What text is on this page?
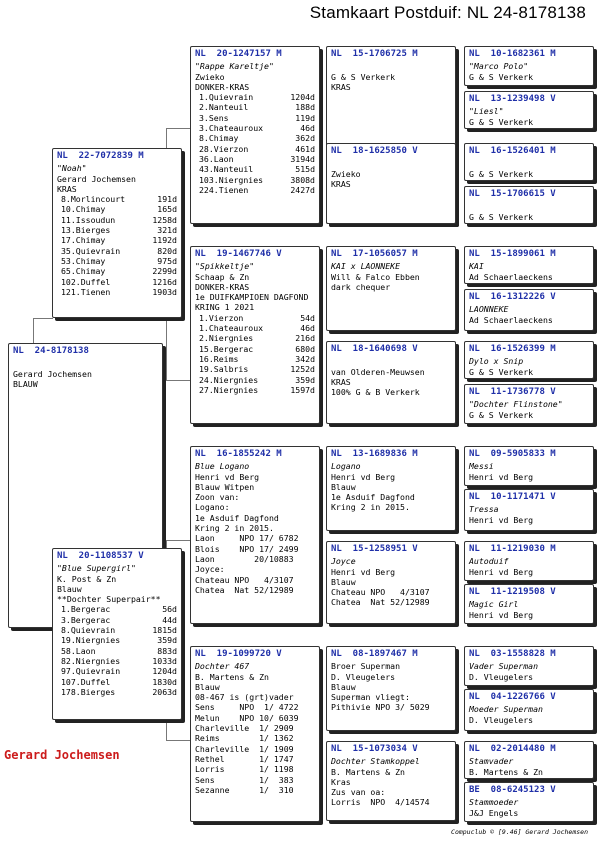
Stamkaart Postduif: NL 24-8178138
NL  24-8178138

Gerard Jochemsen
BLAUW
NL  22-7072839 M
"Noah"
Gerard Jochemsen
KRAS
8.Morlincourt	191d
10.Chimay	165d
11.Issoudun	1258d
13.Bierges	321d
17.Chimay	1192d
35.Quievrain	820d
53.Chimay	975d
65.Chimay	2299d
102.Duffel	1216d
121.Tienen	1903d
NL  20-1108537 V
"Blue Supergirl"
K. Post & Zn
Blauw
**Dochter Superpair**
1.Bergerac	56d
3.Bergerac	44d
8.Quievrain	1815d
19.Niergnies	359d
58.Laon	883d
82.Niergnies	1033d
97.Quievrain	1204d
107.Duffel	1830d
178.Bierges	2063d
NL  20-1247157 M
"Rappe Kareltje"
Zwieko
DONKER-KRAS
1.Quievrain	1204d
2.Nanteuil	188d
3.Sens	119d
3.Chateauroux	46d
8.Chimay	362d
28.Vierzon	461d
36.Laon	3194d
43.Nanteuil	515d
103.Niergnies	3808d
224.Tienen	2427d
NL  19-1467746 V
"Spikkeltje"
Schaap & Zn
DONKER-KRAS
1e DUIFKAMPIOEN DAGFOND
KRING 1 2021
1.Vierzon	54d
1.Chateauroux	46d
2.Niergnies	216d
15.Bergerac	680d
16.Reims	342d
19.Salbris	1252d
24.Niergnies	359d
27.Niergnies	1597d
NL  16-1855242 M
Blue Logano
Henri vd Berg
Blauw Witpen
Zoon van:
Logano:
1e Asduif Dagfond
Kring 2 in 2015.
Laon     NPO 17/ 6782
Blois    NPO 17/ 2499
Laon        20/10883
Joyce:
Chateau NPO   4/3107
Chatea  Nat 52/12989
NL  19-1099720 V
Dochter 467
B. Martens & Zn
Blauw
08-467 is (grt)vader
Sens     NPO  1/ 4722
Melun    NPO 10/ 6039
Charleville  1/ 2909
Reims        1/ 1362
Charleville  1/ 1909
Rethel       1/ 1747
Lorris       1/ 1198
Sens         1/  383
Sezanne      1/  310
NL  15-1706725 M

G & S Verkerk
KRAS
NL  18-1625850 V

Zwieko
KRAS
NL  17-1056057 M
KAI x LAONNEKE
Will & Falco Ebben
dark chequer
NL  18-1640698 V

van Olderen-Meuwsen
KRAS
100% G & B Verkerk
NL  13-1689836 M
Logano
Henri vd Berg
Blauw
1e Asduif Dagfond
Kring 2 in 2015.
NL  15-1258951 V
Joyce
Henri vd Berg
Blauw
Chateau NPO   4/3107
Chatea  Nat 52/12989
NL  08-1897467 M
Broer Superman
D. Vleugelers
Blauw
Superman vliegt:
Pithivie NPO 3/ 5029
NL  15-1073034 V
Dochter Stamkoppel
B. Martens & Zn
Kras
Zus van oa:
Lorris  NPO  4/14574
NL  10-1682361 M
"Marco Polo"
G & S Verkerk
NL  13-1239498 V
"Liesl"
G & S Verkerk
NL  16-1526401 M

G & S Verkerk
NL  15-1706615 V

G & S Verkerk
NL  15-1899061 M
KAI
Ad Schaerlaeckens
NL  16-1312226 V
LAONNEKE
Ad Schaerlaeckens
NL  16-1526399 M
Dylo x Snip
G & S Verkerk
NL  11-1736778 V
"Dochter Flinstone"
G & S Verkerk
NL  09-5905833 M
Messi
Henri vd Berg
NL  10-1171471 V
Tressa
Henri vd Berg
NL  11-1219030 M
Autoduif
Henri vd Berg
NL  11-1219508 V
Magic Girl
Henri vd Berg
NL  03-1558828 M
Vader Superman
D. Vleugelers
NL  04-1226766 V
Moeder Superman
D. Vleugelers
NL  02-2014480 M
Stamvader
B. Martens & Zn
BE  08-6245123 V
Stammoeder
J&J Engels
Gerard Jochemsen
Compuclub © [9.46] Gerard Jochemsen
